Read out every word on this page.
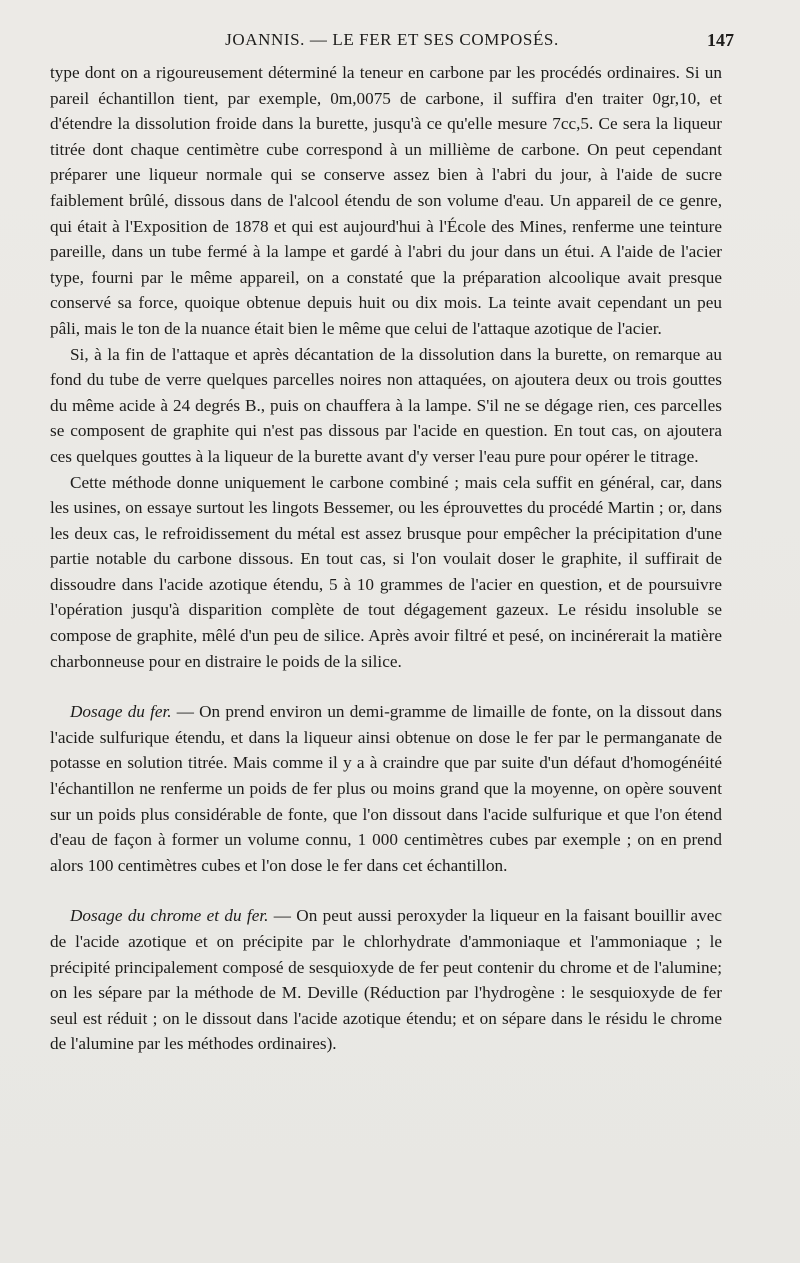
JOANNIS. — LE FER ET SES COMPOSÉS.	147

type dont on a rigoureusement déterminé la teneur en carbone par les procédés ordinaires. Si un pareil échantillon tient, par exemple, 0m,0075 de carbone, il suffira d'en traiter 0gr,10, et d'étendre la dissolution froide dans la burette, jusqu'à ce qu'elle mesure 7cc,5. Ce sera la liqueur titrée dont chaque centimètre cube correspond à un millième de carbone. On peut cependant préparer une liqueur normale qui se conserve assez bien à l'abri du jour, à l'aide de sucre faiblement brûlé, dissous dans de l'alcool étendu de son volume d'eau. Un appareil de ce genre, qui était à l'Exposition de 1878 et qui est aujourd'hui à l'École des Mines, renferme une teinture pareille, dans un tube fermé à la lampe et gardé à l'abri du jour dans un étui. A l'aide de l'acier type, fourni par le même appareil, on a constaté que la préparation alcoolique avait presque conservé sa force, quoique obtenue depuis huit ou dix mois. La teinte avait cependant un peu pâli, mais le ton de la nuance était bien le même que celui de l'attaque azotique de l'acier.

Si, à la fin de l'attaque et après décantation de la dissolution dans la burette, on remarque au fond du tube de verre quelques parcelles noires non attaquées, on ajoutera deux ou trois gouttes du même acide à 24 degrés B., puis on chauffera à la lampe. S'il ne se dégage rien, ces parcelles se composent de graphite qui n'est pas dissous par l'acide en question. En tout cas, on ajoutera ces quelques gouttes à la liqueur de la burette avant d'y verser l'eau pure pour opérer le titrage.

Cette méthode donne uniquement le carbone combiné ; mais cela suffit en général, car, dans les usines, on essaye surtout les lingots Bessemer, ou les éprouvettes du procédé Martin ; or, dans les deux cas, le refroidissement du métal est assez brusque pour empêcher la précipitation d'une partie notable du carbone dissous. En tout cas, si l'on voulait doser le graphite, il suffirait de dissoudre dans l'acide azotique étendu, 5 à 10 grammes de l'acier en question, et de poursuivre l'opération jusqu'à disparition complète de tout dégagement gazeux. Le résidu insoluble se compose de graphite, mêlé d'un peu de silice. Après avoir filtré et pesé, on incinérerait la matière charbonneuse pour en distraire le poids de la silice.

Dosage du fer. — On prend environ un demi-gramme de limaille de fonte, on la dissout dans l'acide sulfurique étendu, et dans la liqueur ainsi obtenue on dose le fer par le permanganate de potasse en solution titrée. Mais comme il y a à craindre que par suite d'un défaut d'homogénéité l'échantillon ne renferme un poids de fer plus ou moins grand que la moyenne, on opère souvent sur un poids plus considérable de fonte, que l'on dissout dans l'acide sulfurique et que l'on étend d'eau de façon à former un volume connu, 1 000 centimètres cubes par exemple ; on en prend alors 100 centimètres cubes et l'on dose le fer dans cet échantillon.

Dosage du chrome et du fer. — On peut aussi peroxyder la liqueur en la faisant bouillir avec de l'acide azotique et on précipite par le chlorhydrate d'ammoniaque et l'ammoniaque ; le précipité principalement composé de sesquioxyde de fer peut contenir du chrome et de l'alumine; on les sépare par la méthode de M. Deville (Réduction par l'hydrogène : le sesquioxyde de fer seul est réduit ; on le dissout dans l'acide azotique étendu; et on sépare dans le résidu le chrome de l'alumine par les méthodes ordinaires).
